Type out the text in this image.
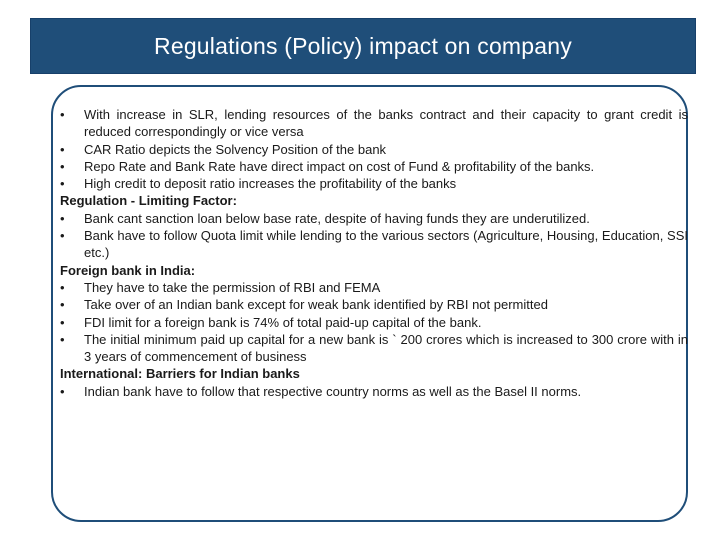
Regulations (Policy) impact on company
•	With increase in SLR, lending resources of the banks contract and their capacity to grant credit is reduced correspondingly or vice versa
•	CAR Ratio depicts the Solvency Position of the bank
•	Repo Rate and Bank Rate have direct impact on cost of Fund & profitability of the banks.
•	High credit to deposit ratio increases the profitability of the banks
Regulation - Limiting Factor:
•	Bank cant sanction loan below base rate, despite of having funds they are underutilized.
•	Bank have to follow Quota limit while lending to the various sectors (Agriculture, Housing, Education, SSI etc.)
Foreign bank in India:
•	They have to take the permission of RBI and FEMA
•	Take over of an Indian bank except for weak bank identified by RBI not permitted
•	FDI limit for a foreign bank is 74% of total paid-up capital of the bank.
•	The initial minimum paid up capital for a new bank is ` 200 crores which is increased to 300 crore with in 3 years of commencement of business
International: Barriers for Indian banks
•	Indian bank have to follow that respective country norms as well as the Basel II norms.
